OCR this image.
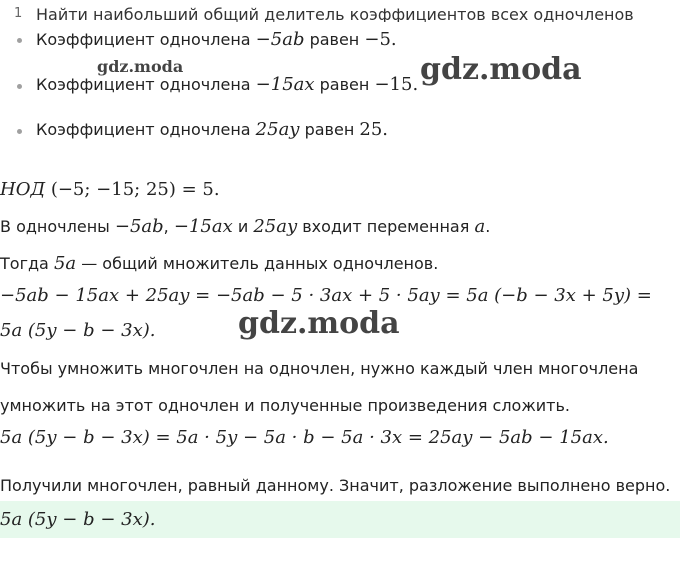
1 Найти наибольший общий делитель коэффициентов всех одночленов
Коэффициент одночлена −5ab равен −5.
Коэффициент одночлена −15ax равен −15.
Коэффициент одночлена 25ay равен 25.
gdz.moda	gdz.moda
gdz.moda
НОД (−5; −15; 25) = 5.
В одночлены −5ab, −15ax и 25ay входит переменная a.
Тогда 5a — общий множитель данных одночленов.
−5ab − 15ax + 25ay = −5ab − 5 · 3ax + 5 · 5ay = 5a (−b − 3x + 5y) =
5a (5y − b − 3x).
Чтобы умножить многочлен на одночлен, нужно каждый член многочлена
умножить на этот одночлен и полученные произведения сложить.
5a (5y − b − 3x) = 5a · 5y − 5a · b − 5a · 3x = 25ay − 5ab − 15ax.
Получили многочлен, равный данному. Значит, разложение выполнено верно.
5a (5y − b − 3x).
